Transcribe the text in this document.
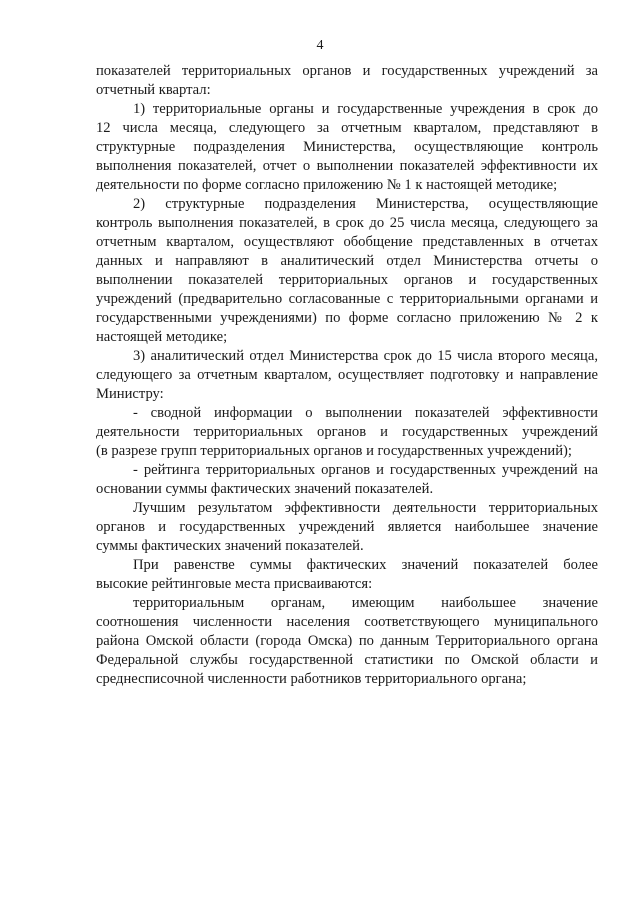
4
показателей территориальных органов и государственных учреждений за
отчетный квартал:
1) территориальные органы и государственные учреждения в срок до
12 числа месяца, следующего за отчетным кварталом, представляют в
структурные подразделения Министерства, осуществляющие контроль
выполнения показателей, отчет о выполнении показателей эффективности их
деятельности по форме согласно приложению № 1 к настоящей методике;
2) структурные подразделения Министерства, осуществляющие
контроль выполнения показателей, в срок до 25 числа месяца, следующего за
отчетным кварталом, осуществляют обобщение представленных в отчетах
данных и направляют в аналитический отдел Министерства отчеты о
выполнении показателей территориальных органов и государственных
учреждений (предварительно согласованные с территориальными органами и
государственными учреждениями) по форме согласно приложению № 2 к
настоящей методике;
3) аналитический отдел Министерства срок до 15 числа второго месяца,
следующего за отчетным кварталом, осуществляет подготовку и направление
Министру:
- сводной информации о выполнении показателей эффективности
деятельности территориальных органов и государственных учреждений
(в разрезе групп территориальных органов и государственных учреждений);
- рейтинга территориальных органов и государственных учреждений на
основании суммы фактических значений показателей.
Лучшим результатом эффективности деятельности территориальных
органов и государственных учреждений является наибольшее значение
суммы фактических значений показателей.
При равенстве суммы фактических значений показателей более
высокие рейтинговые места присваиваются:
территориальным органам, имеющим наибольшее значение
соотношения численности населения соответствующего муниципального
района Омской области (города Омска) по данным Территориального органа
Федеральной службы государственной статистики по Омской области и
среднесписочной численности работников территориального органа;
